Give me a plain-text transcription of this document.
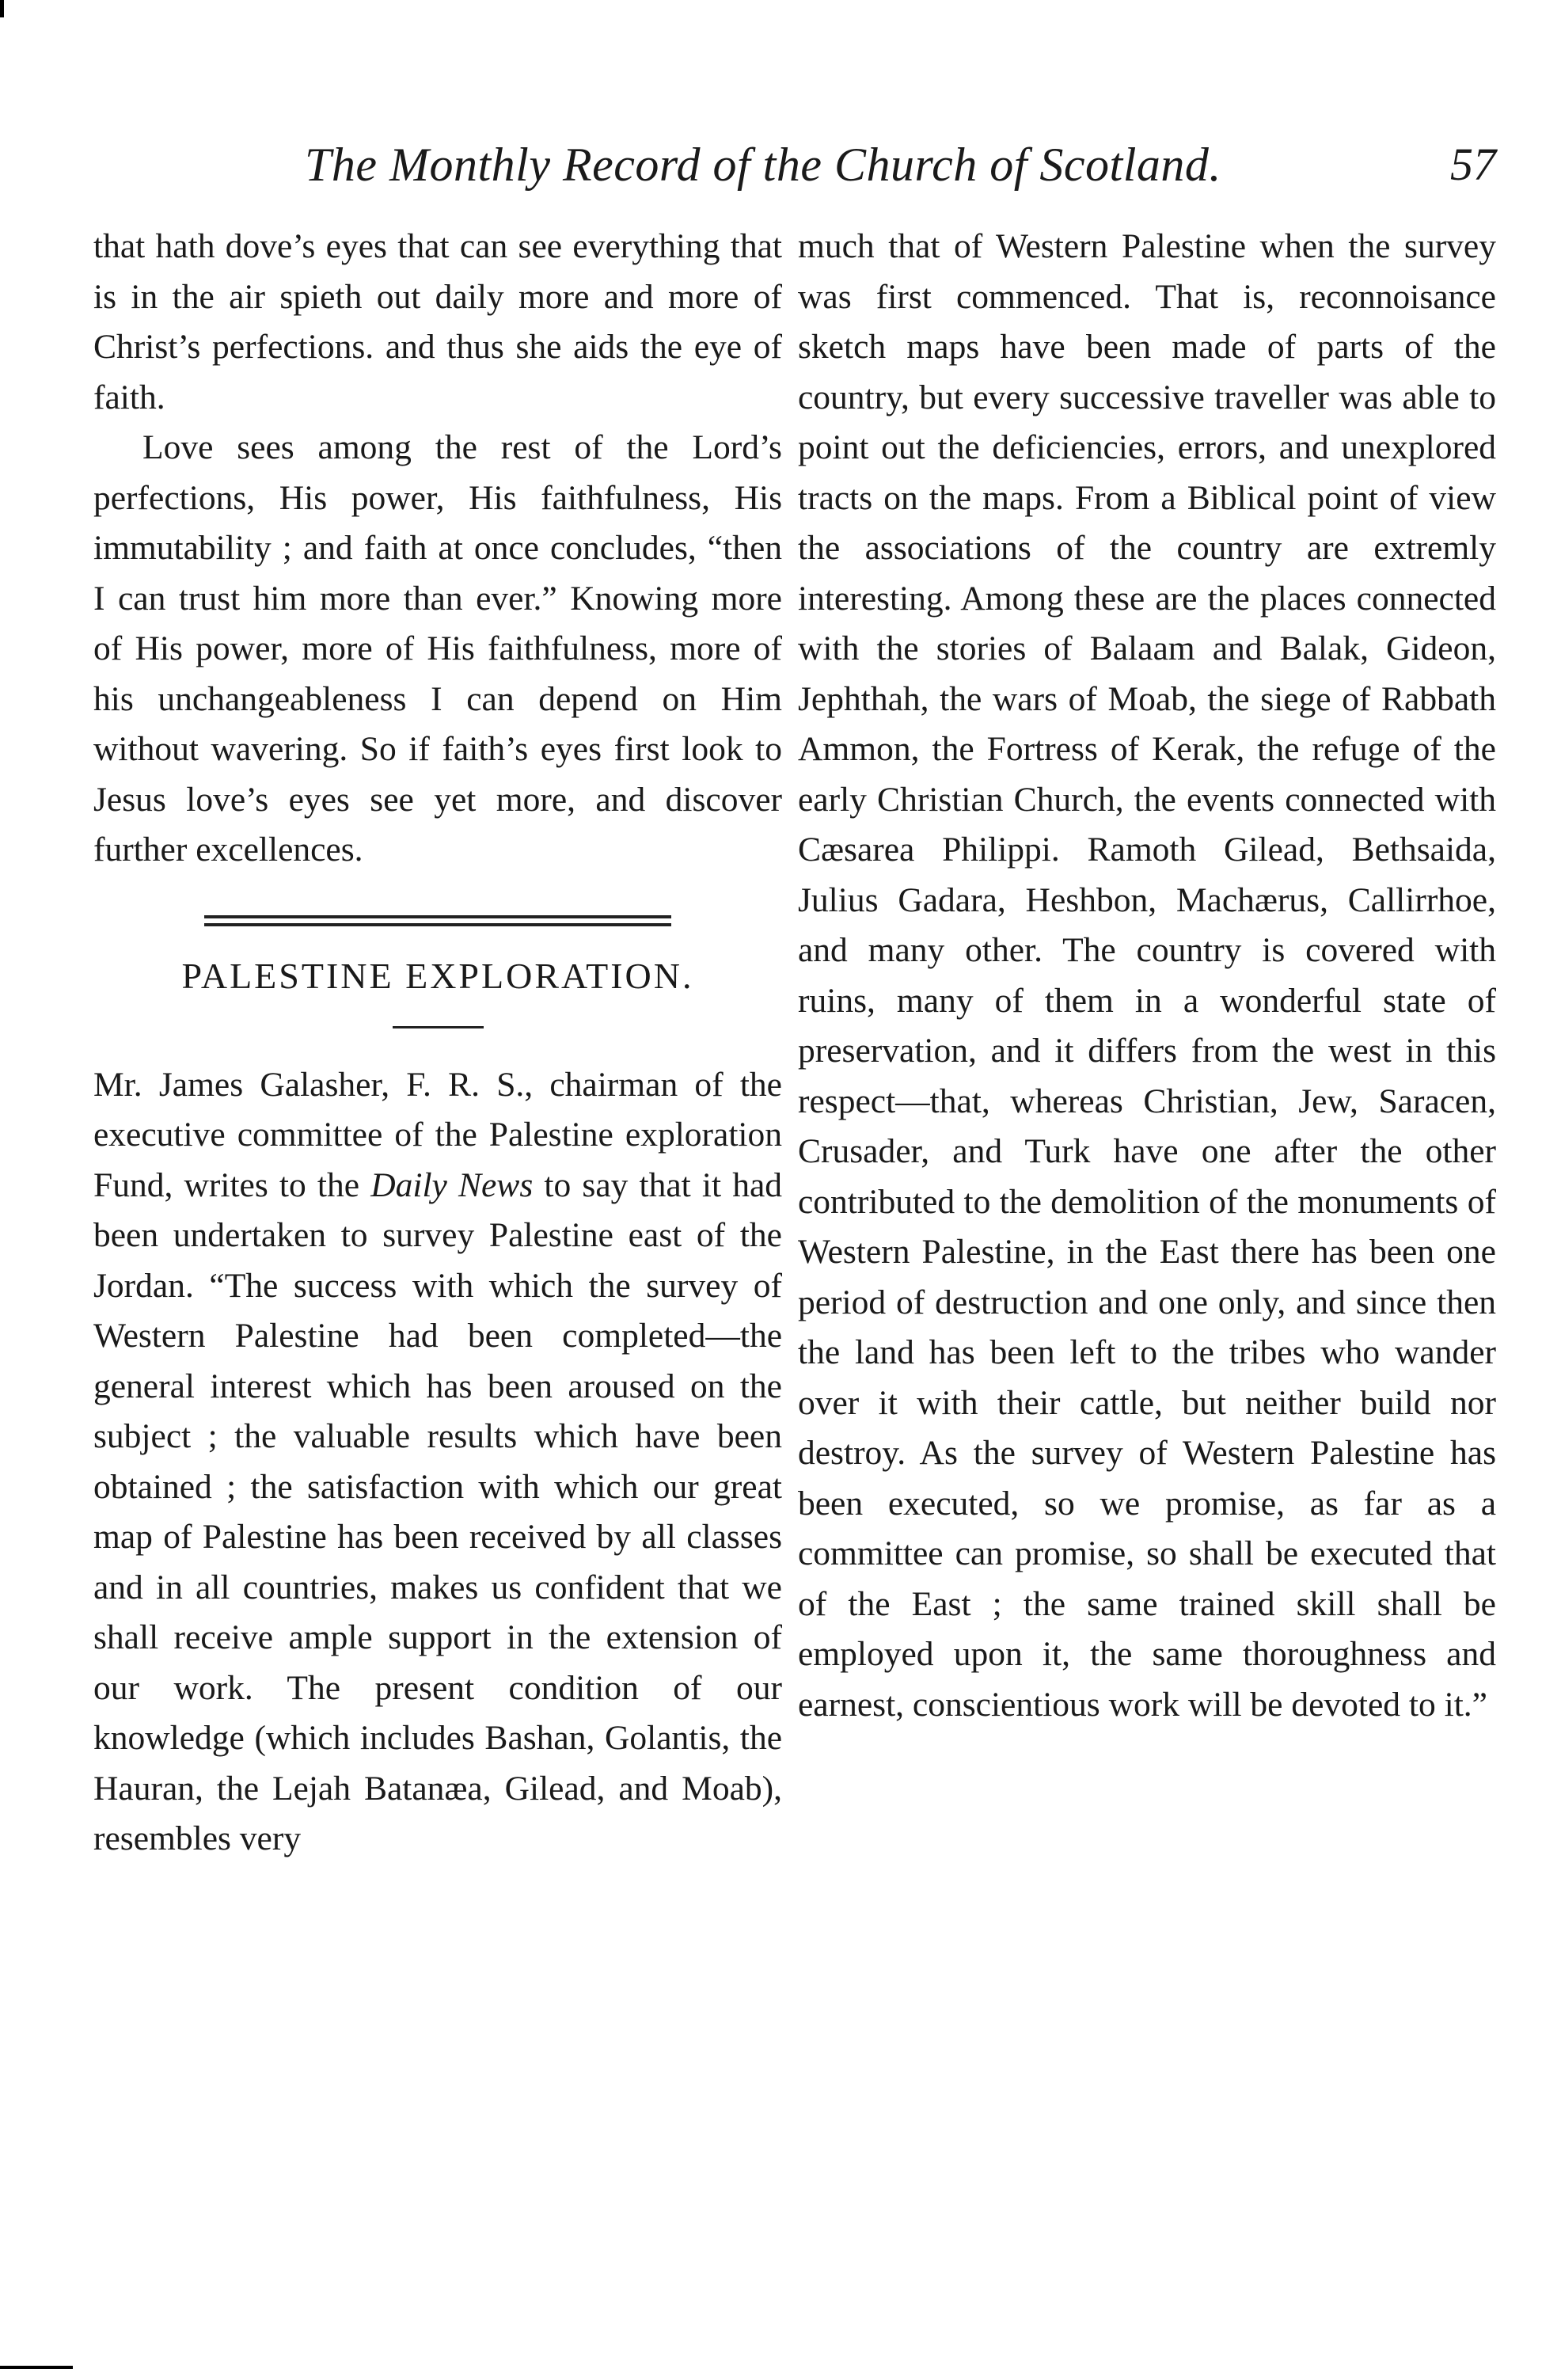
The Monthly Record of the Church of Scotland.	57

that hath dove’s eyes that can see everything that is in the air spieth out daily more and more of Christ’s perfections. and thus she aids the eye of faith.

Love sees among the rest of the Lord’s perfections, His power, His faithfulness, His immutability ; and faith at once concludes, “then I can trust him more than ever.” Knowing more of His power, more of His faithfulness, more of his unchangeableness I can depend on Him without wavering. So if faith’s eyes first look to Jesus love’s eyes see yet more, and discover further excellences.

PALESTINE EXPLORATION.

Mr. James Galasher, F. R. S., chairman of the executive committee of the Palestine exploration Fund, writes to the Daily News to say that it had been undertaken to survey Palestine east of the Jordan. “The success with which the survey of Western Palestine had been completed—the general interest which has been aroused on the subject ; the valuable results which have been obtained ; the satisfaction with which our great map of Palestine has been received by all classes and in all countries, makes us confident that we shall receive ample support in the extension of our work. The present condition of our knowledge (which includes Bashan, Golantis, the Hauran, the Lejah Batanæa, Gilead, and Moab), resembles very

much that of Western Palestine when the survey was first commenced. That is, reconnoisance sketch maps have been made of parts of the country, but every successive traveller was able to point out the deficiencies, errors, and unexplored tracts on the maps. From a Biblical point of view the associations of the country are extremly interesting. Among these are the places connected with the stories of Balaam and Balak, Gideon, Jephthah, the wars of Moab, the siege of Rabbath Ammon, the Fortress of Kerak, the refuge of the early Christian Church, the events connected with Cæsarea Philippi. Ramoth Gilead, Bethsaida, Julius Gadara, Heshbon, Machærus, Callirrhoe, and many other. The country is covered with ruins, many of them in a wonderful state of preservation, and it differs from the west in this respect—that, whereas Christian, Jew, Saracen, Crusader, and Turk have one after the other contributed to the demolition of the monuments of Western Palestine, in the East there has been one period of destruction and one only, and since then the land has been left to the tribes who wander over it with their cattle, but neither build nor destroy. As the survey of Western Palestine has been executed, so we promise, as far as a committee can promise, so shall be executed that of the East ; the same trained skill shall be employed upon it, the same thoroughness and earnest, conscientious work will be devoted to it.”
